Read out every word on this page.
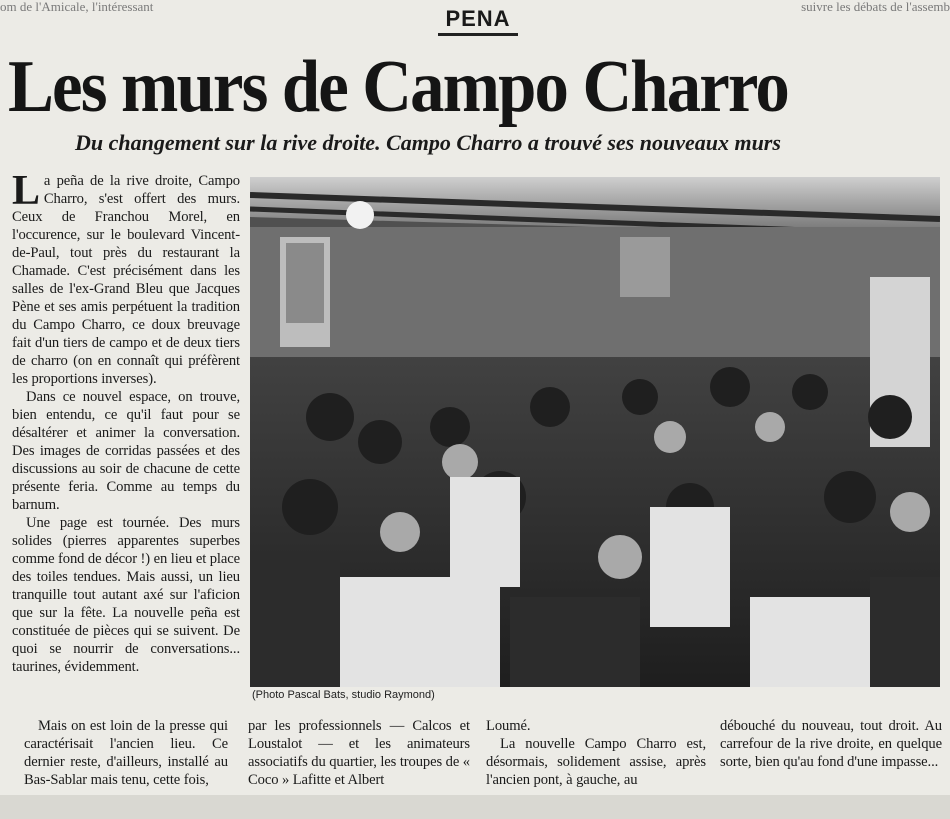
om de l'Amicale, l'intéressant	suivre les débats de l'assemb
PENA
Les murs de Campo Charro
Du changement sur la rive droite. Campo Charro a trouvé ses nouveaux murs

La peña de la rive droite, Campo Charro, s'est offert des murs. Ceux de Franchou Morel, en l'occurence, sur le boulevard Vincent-de-Paul, tout près du restaurant la Chamade. C'est précisément dans les salles de l'ex-Grand Bleu que Jacques Pène et ses amis perpétuent la tradition du Campo Charro, ce doux breuvage fait d'un tiers de campo et de deux tiers de charro (on en connaît qui préfèrent les proportions inverses).

Dans ce nouvel espace, on trouve, bien entendu, ce qu'il faut pour se désaltérer et animer la conversation. Des images de corridas passées et des discussions au soir de chacune de cette présente feria. Comme au temps du barnum.

Une page est tournée. Des murs solides (pierres apparentes superbes comme fond de décor !) en lieu et place des toiles tendues. Mais aussi, un lieu tranquille tout autant axé sur l'aficion que sur la fête. La nouvelle peña est constituée de pièces qui se suivent. De quoi se nourrir de conversations... taurines, évidemment.

(Photo Pascal Bats, studio Raymond)

Mais on est loin de la presse qui caractérisait l'ancien lieu. Ce dernier reste, d'ailleurs, installé au Bas-Sablar mais tenu, cette fois,

par les professionnels — Calcos et Loustalot — et les animateurs associatifs du quartier, les troupes de « Coco » Lafitte et Albert

Loumé.

La nouvelle Campo Charro est, désormais, solidement assise, après l'ancien pont, à gauche, au

débouché du nouveau, tout droit. Au carrefour de la rive droite, en quelque sorte, bien qu'au fond d'une impasse...
